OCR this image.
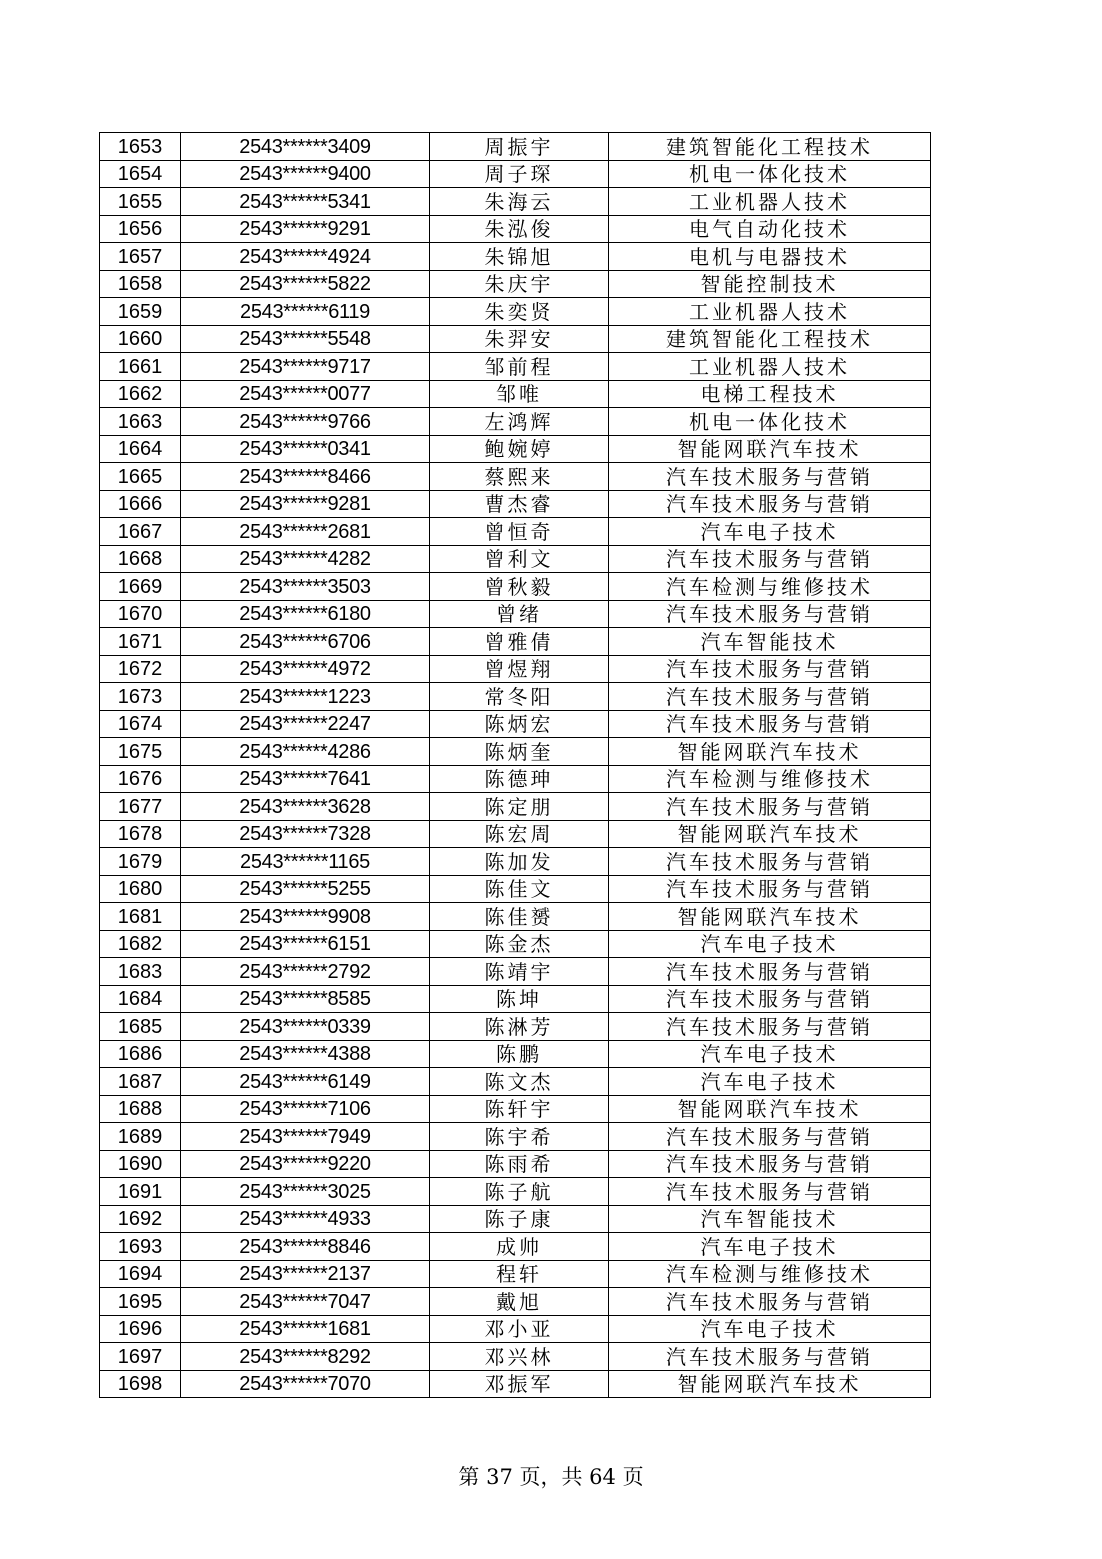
1653	2543******3409	周振宇	建筑智能化工程技术
1654	2543******9400	周子琛	机电一体化技术
1655	2543******5341	朱海云	工业机器人技术
1656	2543******9291	朱泓俊	电气自动化技术
1657	2543******4924	朱锦旭	电机与电器技术
1658	2543******5822	朱庆宇	智能控制技术
1659	2543******6119	朱奕贤	工业机器人技术
1660	2543******5548	朱羿安	建筑智能化工程技术
1661	2543******9717	邹前程	工业机器人技术
1662	2543******0077	邹唯	电梯工程技术
1663	2543******9766	左鸿辉	机电一体化技术
1664	2543******0341	鲍婉婷	智能网联汽车技术
1665	2543******8466	蔡熙来	汽车技术服务与营销
1666	2543******9281	曹杰睿	汽车技术服务与营销
1667	2543******2681	曾恒奇	汽车电子技术
1668	2543******4282	曾利文	汽车技术服务与营销
1669	2543******3503	曾秋毅	汽车检测与维修技术
1670	2543******6180	曾绪	汽车技术服务与营销
1671	2543******6706	曾雅倩	汽车智能技术
1672	2543******4972	曾煜翔	汽车技术服务与营销
1673	2543******1223	常冬阳	汽车技术服务与营销
1674	2543******2247	陈炳宏	汽车技术服务与营销
1675	2543******4286	陈炳奎	智能网联汽车技术
1676	2543******7641	陈德珅	汽车检测与维修技术
1677	2543******3628	陈定朋	汽车技术服务与营销
1678	2543******7328	陈宏周	智能网联汽车技术
1679	2543******1165	陈加发	汽车技术服务与营销
1680	2543******5255	陈佳文	汽车技术服务与营销
1681	2543******9908	陈佳赟	智能网联汽车技术
1682	2543******6151	陈金杰	汽车电子技术
1683	2543******2792	陈靖宇	汽车技术服务与营销
1684	2543******8585	陈坤	汽车技术服务与营销
1685	2543******0339	陈淋芳	汽车技术服务与营销
1686	2543******4388	陈鹏	汽车电子技术
1687	2543******6149	陈文杰	汽车电子技术
1688	2543******7106	陈轩宇	智能网联汽车技术
1689	2543******7949	陈宇希	汽车技术服务与营销
1690	2543******9220	陈雨希	汽车技术服务与营销
1691	2543******3025	陈子航	汽车技术服务与营销
1692	2543******4933	陈子康	汽车智能技术
1693	2543******8846	成帅	汽车电子技术
1694	2543******2137	程轩	汽车检测与维修技术
1695	2543******7047	戴旭	汽车技术服务与营销
1696	2543******1681	邓小亚	汽车电子技术
1697	2543******8292	邓兴林	汽车技术服务与营销
1698	2543******7070	邓振军	智能网联汽车技术
第 37 页，共 64 页
